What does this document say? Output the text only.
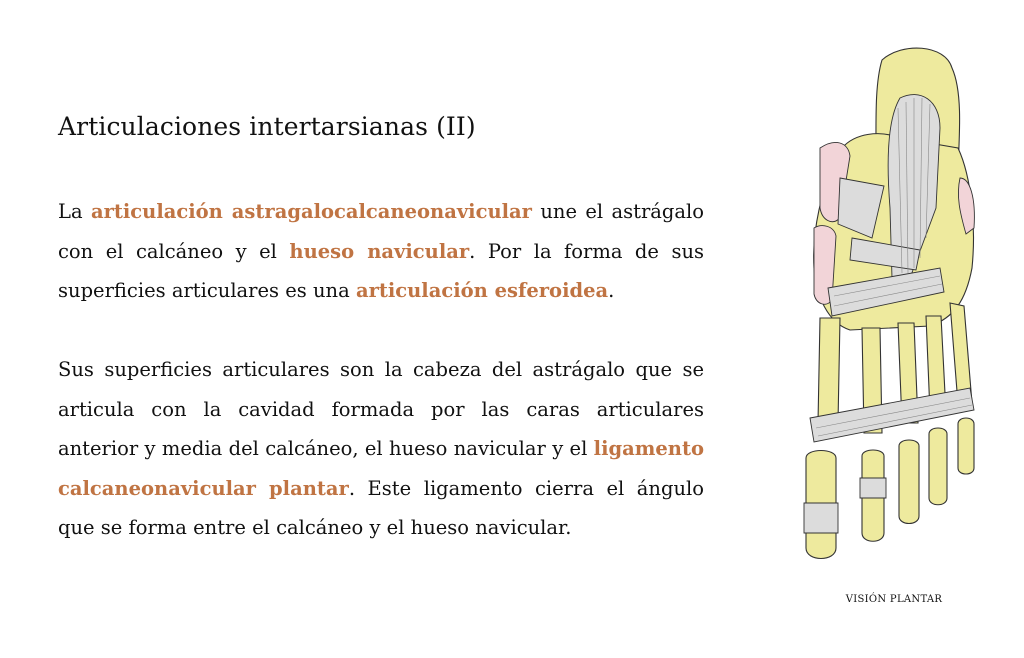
Articulaciones intertarsianas (II)

La articulación astragalocalcaneonavicular une el astrágalo con el calcáneo y el hueso navicular. Por la forma de sus superficies articulares es una articulación esferoidea.

Sus superficies articulares son la cabeza del astrágalo que se articula con la cavidad formada por las caras articulares anterior y media del calcáneo, el hueso navicular y el ligamento calcaneonavicular plantar. Este ligamento cierra el ángulo que se forma entre el calcáneo y el hueso navicular.

VISIÓN PLANTAR
